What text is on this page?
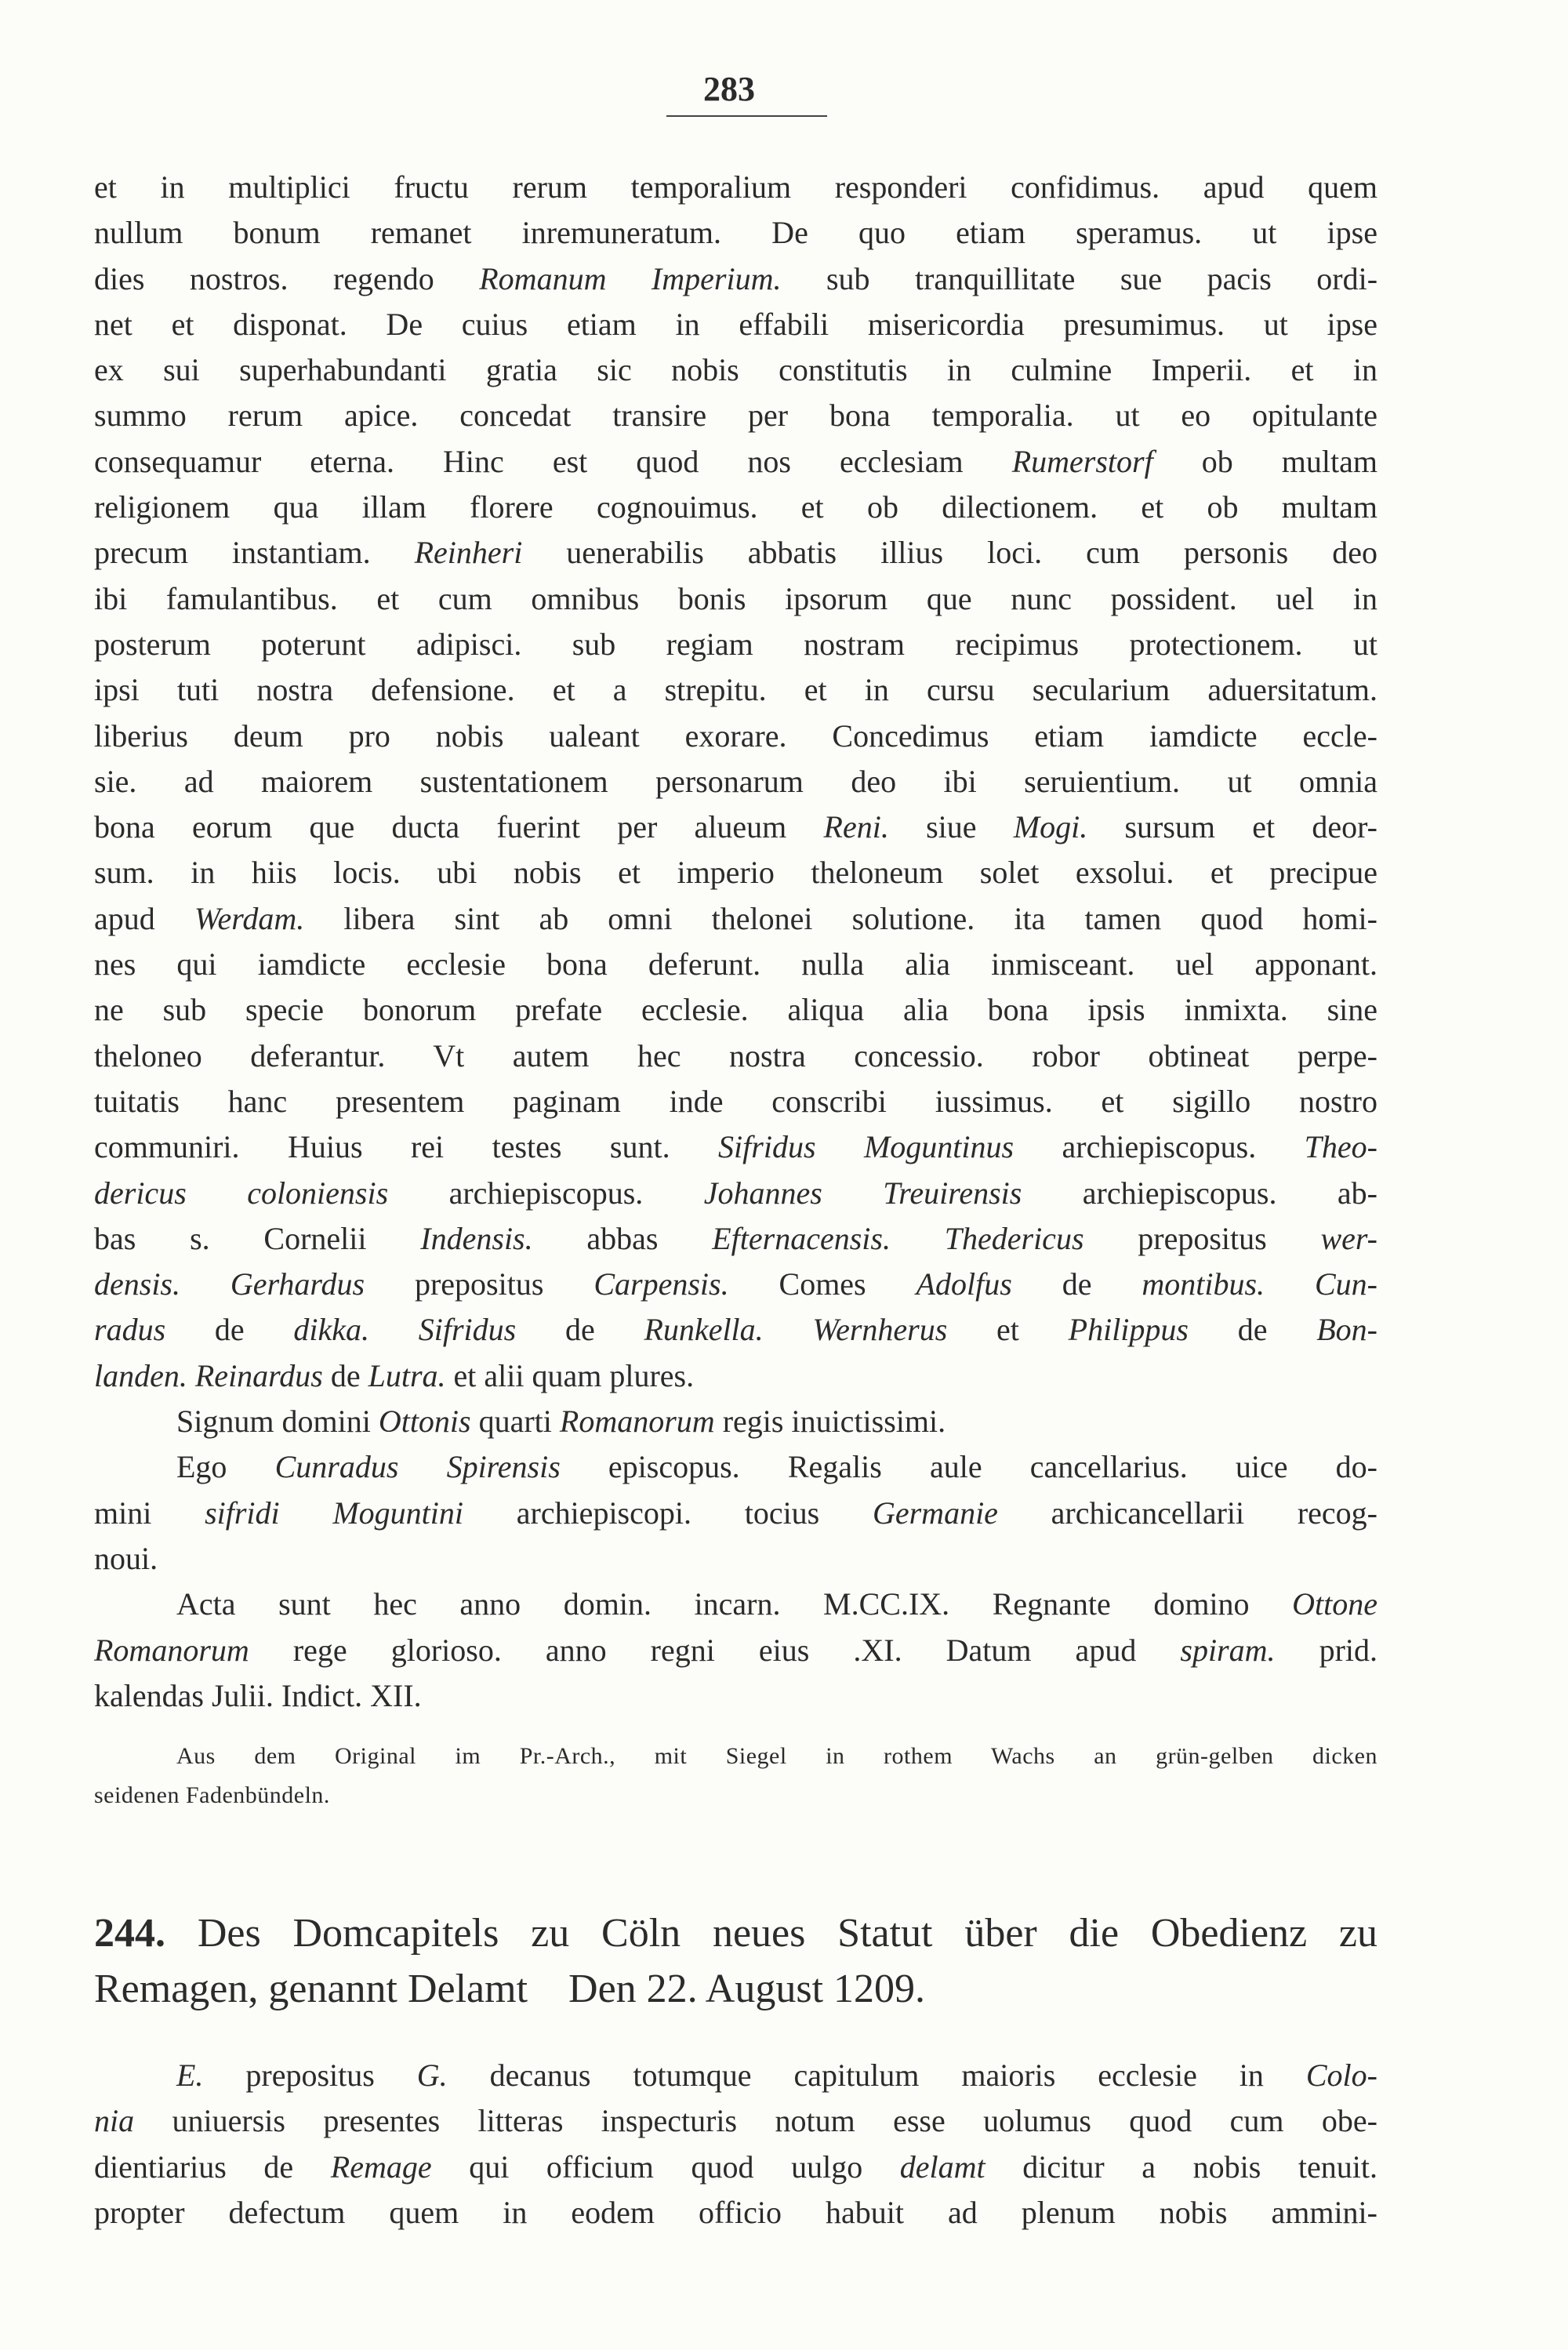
283
et in multiplici fructu rerum temporalium responderi confidimus. apud quem
nullum bonum remanet inremuneratum. De quo etiam speramus. ut ipse
dies nostros. regendo Romanum Imperium. sub tranquillitate sue pacis ordi-
net et disponat. De cuius etiam in effabili misericordia presumimus. ut ipse
ex sui superhabundanti gratia sic nobis constitutis in culmine Imperii. et in
summo rerum apice. concedat transire per bona temporalia. ut eo opitulante
consequamur eterna. Hinc est quod nos ecclesiam Rumerstorf ob multam
religionem qua illam florere cognouimus. et ob dilectionem. et ob multam
precum instantiam. Reinheri uenerabilis abbatis illius loci. cum personis deo
ibi famulantibus. et cum omnibus bonis ipsorum que nunc possident. uel in
posterum poterunt adipisci. sub regiam nostram recipimus protectionem. ut
ipsi tuti nostra defensione. et a strepitu. et in cursu secularium aduersitatum.
liberius deum pro nobis ualeant exorare. Concedimus etiam iamdicte eccle-
sie. ad maiorem sustentationem personarum deo ibi seruientium. ut omnia
bona eorum que ducta fuerint per alueum Reni. siue Mogi. sursum et deor-
sum. in hiis locis. ubi nobis et imperio theloneum solet exsolui. et precipue
apud Werdam. libera sint ab omni thelonei solutione. ita tamen quod homi-
nes qui iamdicte ecclesie bona deferunt. nulla alia inmisceant. uel apponant.
ne sub specie bonorum prefate ecclesie. aliqua alia bona ipsis inmixta. sine
theloneo deferantur. Vt autem hec nostra concessio. robor obtineat perpe-
tuitatis hanc presentem paginam inde conscribi iussimus. et sigillo nostro
communiri. Huius rei testes sunt. Sifridus Moguntinus archiepiscopus. Theo-
dericus coloniensis archiepiscopus. Johannes Treuirensis archiepiscopus. ab-
bas s. Cornelii Indensis. abbas Efternacensis. Thedericus prepositus wer-
densis. Gerhardus prepositus Carpensis. Comes Adolfus de montibus. Cun-
radus de dikka. Sifridus de Runkella. Wernherus et Philippus de Bon-
landen. Reinardus de Lutra. et alii quam plures.
Signum domini Ottonis quarti Romanorum regis inuictissimi.
Ego Cunradus Spirensis episcopus. Regalis aule cancellarius. uice do-
mini sifridi Moguntini archiepiscopi. tocius Germanie archicancellarii recog-
noui.
Acta sunt hec anno domin. incarn. M.CC.IX. Regnante domino Ottone
Romanorum rege glorioso. anno regni eius .XI. Datum apud spiram. prid.
kalendas Julii. Indict. XII.
Aus dem Original im Pr.-Arch., mit Siegel in rothem Wachs an grün-gelben dicken
seidenen Fadenbündeln.
244. Des Domcapitels zu Cöln neues Statut über die Obedienz zu
Remagen, genannt Delamt    Den 22. August 1209.
E. prepositus G. decanus totumque capitulum maioris ecclesie in Colo-
nia uniuersis presentes litteras inspecturis notum esse uolumus quod cum obe-
dientiarius de Remage qui officium quod uulgo delamt dicitur a nobis tenuit.
propter defectum quem in eodem officio habuit ad plenum nobis ammini-
